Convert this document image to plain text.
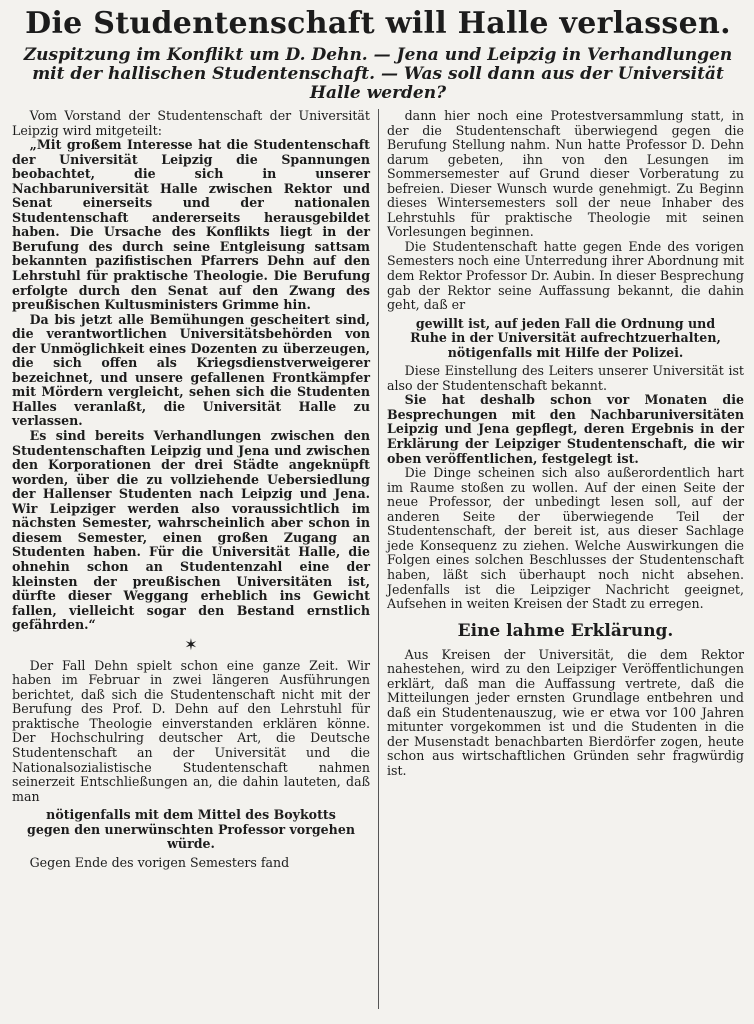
Die Studentenschaft will Halle verlassen.
Zuspitzung im Konflikt um D. Dehn. — Jena und Leipzig in Verhandlungen mit der hallischen Studentenschaft. — Was soll dann aus der Universität Halle werden?

Vom Vorstand der Studentenschaft der Universität Leipzig wird mitgeteilt:

„Mit großem Interesse hat die Studentenschaft der Universität Leipzig die Spannungen beobachtet, die sich in unserer Nachbaruniversität Halle zwischen Rektor und Senat einerseits und der nationalen Studentenschaft andererseits herausgebildet haben. Die Ursache des Konflikts liegt in der Berufung des durch seine Entgleisung sattsam bekannten pazifistischen Pfarrers Dehn auf den Lehrstuhl für praktische Theologie. Die Berufung erfolgte durch den Senat auf den Zwang des preußischen Kultusministers Grimme hin.

Da bis jetzt alle Bemühungen gescheitert sind, die verantwortlichen Universitätsbehörden von der Unmöglichkeit eines Dozenten zu überzeugen, die sich offen als Kriegsdienstverweigerer bezeichnet, und unsere gefallenen Frontkämpfer mit Mördern vergleicht, sehen sich die Studenten Halles veranlaßt, die Universität Halle zu verlassen.

Es sind bereits Verhandlungen zwischen den Studentenschaften Leipzig und Jena und zwischen den Korporationen der drei Städte angeknüpft worden, über die zu vollziehende Uebersiedlung der Hallenser Studenten nach Leipzig und Jena. Wir Leipziger werden also voraussichtlich im nächsten Semester, wahrscheinlich aber schon in diesem Semester, einen großen Zugang an Studenten haben. Für die Universität Halle, die ohnehin schon an Studentenzahl eine der kleinsten der preußischen Universitäten ist, dürfte dieser Weggang erheblich ins Gewicht fallen, vielleicht sogar den Bestand ernstlich gefährden.“

✶

Der Fall Dehn spielt schon eine ganze Zeit. Wir haben im Februar in zwei längeren Ausführungen berichtet, daß sich die Studentenschaft nicht mit der Berufung des Prof. D. Dehn auf den Lehrstuhl für praktische Theologie einverstanden erklären könne. Der Hochschulring deutscher Art, die Deutsche Studentenschaft an der Universität und die Nationalsozialistische Studentenschaft nahmen seinerzeit Entschließungen an, die dahin lauteten, daß man

nötigenfalls mit dem Mittel des Boykotts gegen den unerwünschten Professor vorgehen würde.

Gegen Ende des vorigen Semesters fand

dann hier noch eine Protestversammlung statt, in der die Studentenschaft überwiegend gegen die Berufung Stellung nahm. Nun hatte Professor D. Dehn darum gebeten, ihn von den Lesungen im Sommersemester auf Grund dieser Vorberatung zu befreien. Dieser Wunsch wurde genehmigt. Zu Beginn dieses Wintersemesters soll der neue Inhaber des Lehrstuhls für praktische Theologie mit seinen Vorlesungen beginnen.

Die Studentenschaft hatte gegen Ende des vorigen Semesters noch eine Unterredung ihrer Abordnung mit dem Rektor Professor Dr. Aubin. In dieser Besprechung gab der Rektor seine Auffassung bekannt, die dahin geht, daß er

gewillt ist, auf jeden Fall die Ordnung und Ruhe in der Universität aufrechtzuerhalten, nötigenfalls mit Hilfe der Polizei.

Diese Einstellung des Leiters unserer Universität ist also der Studentenschaft bekannt.

Sie hat deshalb schon vor Monaten die Besprechungen mit den Nachbaruniversitäten Leipzig und Jena gepflegt, deren Ergebnis in der Erklärung der Leipziger Studentenschaft, die wir oben veröffentlichen, festgelegt ist.

Die Dinge scheinen sich also außerordentlich hart im Raume stoßen zu wollen. Auf der einen Seite der neue Professor, der unbedingt lesen soll, auf der anderen Seite der überwiegende Teil der Studentenschaft, der bereit ist, aus dieser Sachlage jede Konsequenz zu ziehen. Welche Auswirkungen die Folgen eines solchen Beschlusses der Studentenschaft haben, läßt sich überhaupt noch nicht absehen. Jedenfalls ist die Leipziger Nachricht geeignet, Aufsehen in weiten Kreisen der Stadt zu erregen.

Eine lahme Erklärung.

Aus Kreisen der Universität, die dem Rektor nahestehen, wird zu den Leipziger Veröffentlichungen erklärt, daß man die Auffassung vertrete, daß die Mitteilungen jeder ernsten Grundlage entbehren und daß ein Studentenauszug, wie er etwa vor 100 Jahren mitunter vorgekommen ist und die Studenten in die der Musenstadt benachbarten Bierdörfer zogen, heute schon aus wirtschaftlichen Gründen sehr fragwürdig ist.
